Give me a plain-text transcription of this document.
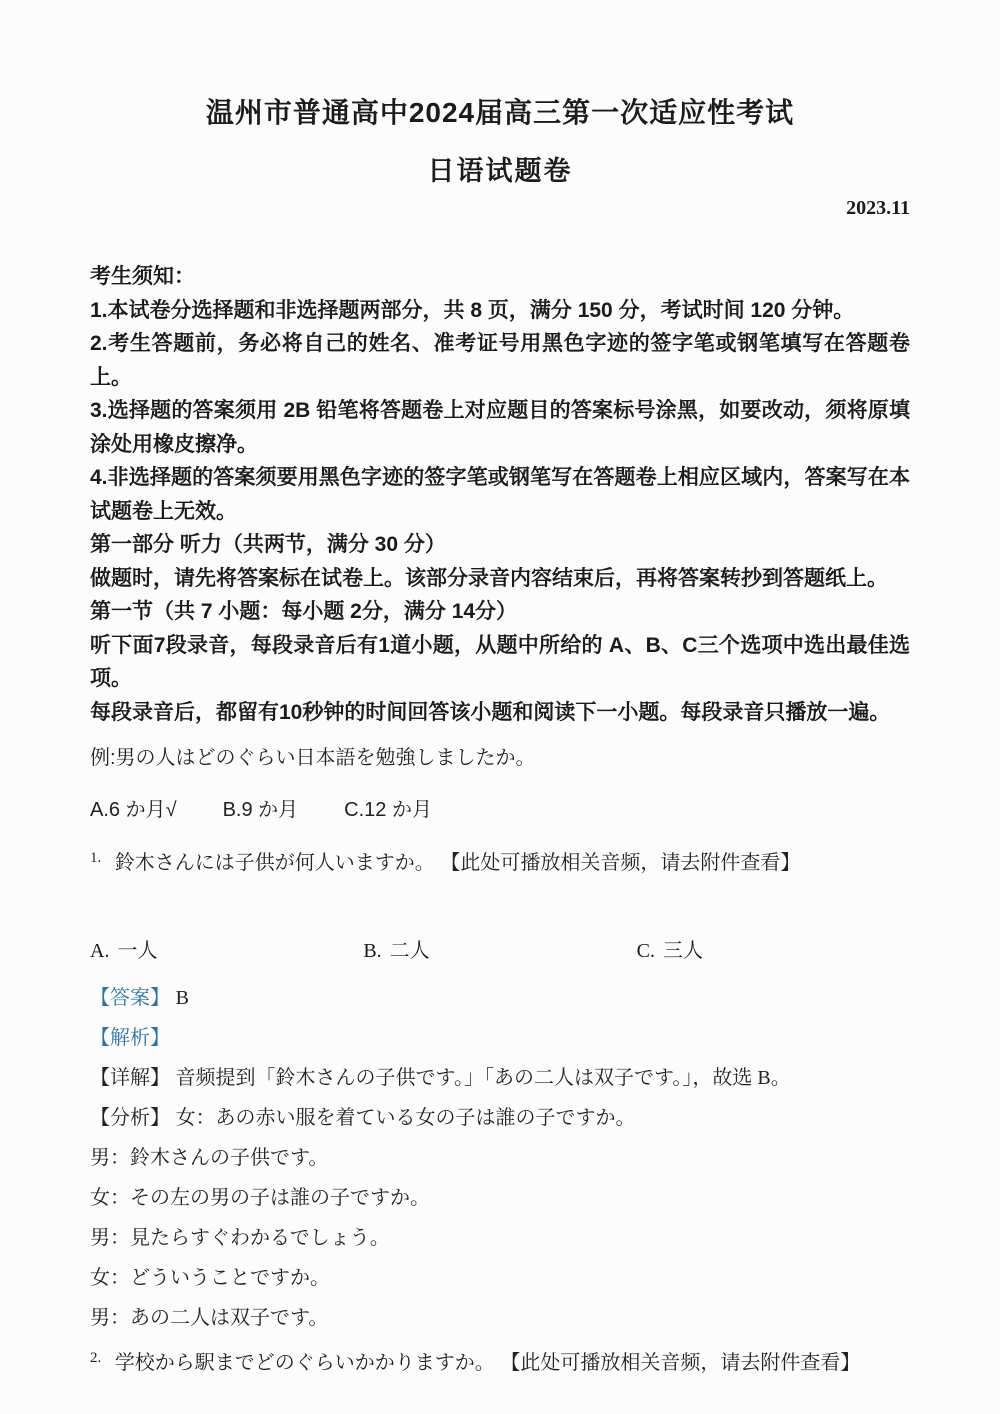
温州市普通高中2024届高三第一次适应性考试
日语试题卷
2023.11

考生须知：

1.本试卷分选择题和非选择题两部分，共 8 页，满分 150 分，考试时间 120 分钟。

2.考生答题前，务必将自己的姓名、准考证号用黑色字迹的签字笔或钢笔填写在答题卷上。

3.选择题的答案须用 2B 铅笔将答题卷上对应题目的答案标号涂黑，如要改动，须将原填涂处用橡皮擦净。

4.非选择题的答案须要用黑色字迹的签字笔或钢笔写在答题卷上相应区域内，答案写在本试题卷上无效。

第一部分 听力（共两节，满分 30 分）

做题时，请先将答案标在试卷上。该部分录音内容结束后，再将答案转抄到答题纸上。

第一节（共 7 小题：每小题 2分，满分 14分）

听下面7段录音，每段录音后有1道小题，从题中所给的 A、B、C三个选项中选出最佳选项。

每段录音后，都留有10秒钟的时间回答该小题和阅读下一小题。每段录音只播放一遍。

例:男の人はどのぐらい日本語を勉強しましたか。

A.6 か月√ B.9 か月 C.12 か月

$^{1.}$ 鈴木さんには子供が何人いますか。 【此处可播放相关音频，请去附件查看】

A. 一人	B. 二人	C. 三人

【答案】 B

【解析】

【详解】 音频提到「鈴木さんの子供です。」「あの二人は双子です。」，故选 B。

【分析】 女：あの赤い服を着ている女の子は誰の子ですか。

男：鈴木さんの子供です。

女：その左の男の子は誰の子ですか。

男：見たらすぐわかるでしょう。

女：どういうことですか。

男：あの二人は双子です。

$^{2.}$ 学校から駅までどのぐらいかかりますか。 【此处可播放相关音频，请去附件查看】
